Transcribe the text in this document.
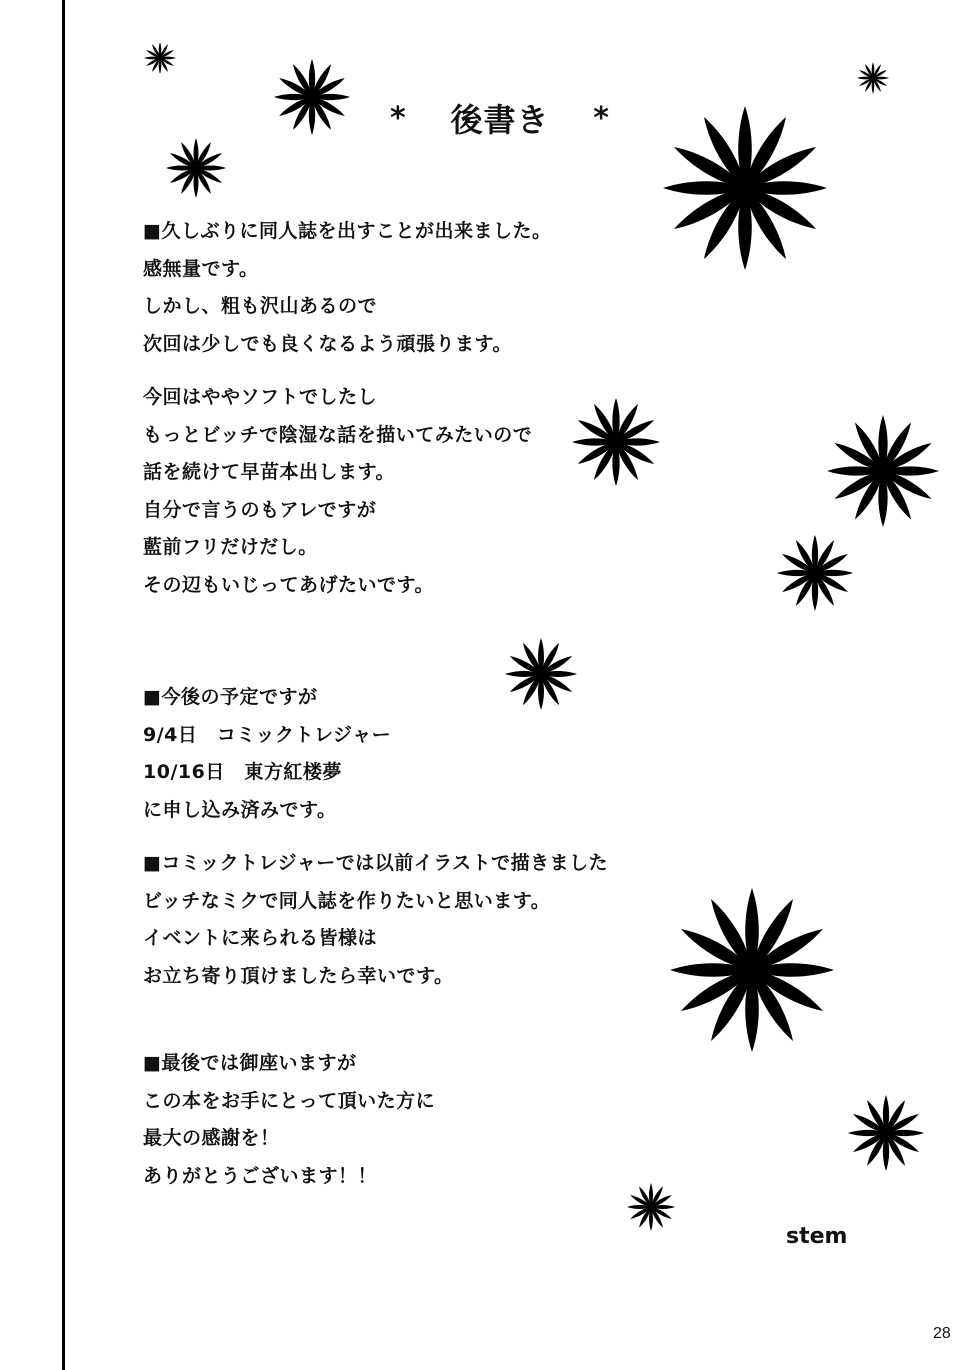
* 後書き *
■久しぶりに同人誌を出すことが出来ました。
感無量です。
しかし、粗も沢山あるので
次回は少しでも良くなるよう頑張ります。
今回はややソフトでしたし
もっとビッチで陰湿な話を描いてみたいので
話を続けて早苗本出します。
自分で言うのもアレですが
藍前フリだけだし。
その辺もいじってあげたいです。
■今後の予定ですが
9/4日　コミックトレジャー
10/16日　東方紅楼夢
に申し込み済みです。
■コミックトレジャーでは以前イラストで描きました
ビッチなミクで同人誌を作りたいと思います。
イベントに来られる皆様は
お立ち寄り頂けましたら幸いです。
■最後では御座いますが
この本をお手にとって頂いた方に
最大の感謝を！
ありがとうございます！！
stem
28
